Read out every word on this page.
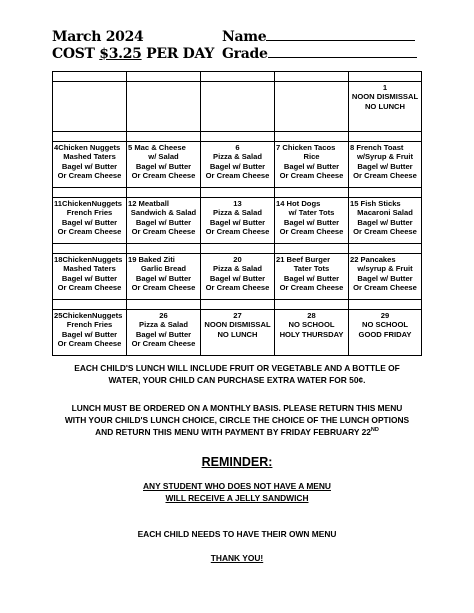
March 2024
COST $3.25 PER DAY
Name
Grade

				1
NOON DISMISSAL
NO LUNCH

4Chicken Nuggets
Mashed Taters
Bagel w/ Butter
Or Cream Cheese	5 Mac & Cheese
w/ Salad
Bagel w/ Butter
Or Cream Cheese	6
Pizza & Salad
Bagel w/ Butter
Or Cream Cheese	7 Chicken Tacos
Rice
Bagel w/ Butter
Or Cream Cheese	8 French Toast
w/Syrup & Fruit
Bagel w/ Butter
Or Cream Cheese

11ChickenNuggets
French Fries
Bagel w/ Butter
Or Cream Cheese	12 Meatball
Sandwich & Salad
Bagel w/ Butter
Or Cream Cheese	13
Pizza & Salad
Bagel w/ Butter
Or Cream Cheese	14 Hot Dogs
w/ Tater Tots
Bagel w/ Butter
Or Cream Cheese	15 Fish Sticks
Macaroni Salad
Bagel w/ Butter
Or Cream Cheese

18ChickenNuggets
Mashed Taters
Bagel w/ Butter
Or Cream Cheese	19 Baked Ziti
Garlic Bread
Bagel w/ Butter
Or Cream Cheese	20
Pizza & Salad
Bagel w/ Butter
Or Cream Cheese	21 Beef Burger
Tater Tots
Bagel w/ Butter
Or Cream Cheese	22 Pancakes
w/syrup & Fruit
Bagel w/ Butter
Or Cream Cheese

25ChickenNuggets
French Fries
Bagel w/ Butter
Or Cream Cheese	26
Pizza & Salad
Bagel w/ Butter
Or Cream Cheese	27
NOON DISMISSAL
NO LUNCH	28
NO SCHOOL
HOLY THURSDAY	29
NO SCHOOL
GOOD FRIDAY

EACH CHILD'S LUNCH WILL INCLUDE FRUIT OR VEGETABLE AND A BOTTLE OF

WATER, YOUR CHILD CAN PURCHASE EXTRA WATER FOR 50¢.

LUNCH MUST BE ORDERED ON A MONTHLY BASIS. PLEASE RETURN THIS MENU

WITH YOUR CHILD'S LUNCH CHOICE, CIRCLE THE CHOICE OF THE LUNCH OPTIONS

AND RETURN THIS MENU WITH PAYMENT BY FRIDAY FEBRUARY 22ND

REMINDER:

ANY STUDENT WHO DOES NOT HAVE A MENU

WILL RECEIVE A JELLY SANDWICH

EACH CHILD NEEDS TO HAVE THEIR OWN MENU

THANK YOU!
